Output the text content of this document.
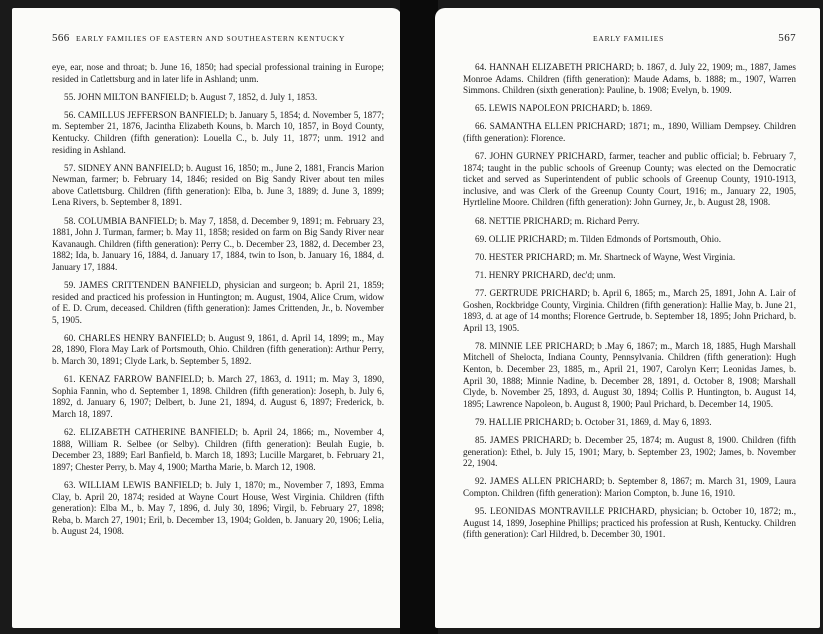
566 EARLY FAMILIES OF EASTERN AND SOUTHEASTERN KENTUCKY

eye, ear, nose and throat; b. June 16, 1850; had special professional training in Europe; resided in Catlettsburg and in later life in Ashland; unm.

55. JOHN MILTON BANFIELD; b. August 7, 1852, d. July 1, 1853.

56. CAMILLUS JEFFERSON BANFIELD; b. January 5, 1854; d. November 5, 1877; m. September 21, 1876, Jacintha Elizabeth Kouns, b. March 10, 1857, in Boyd County, Kentucky. Children (fifth generation): Louella C., b. July 11, 1877; unm. 1912 and residing in Ashland.

57. SIDNEY ANN BANFIELD; b. August 16, 1850; m., June 2, 1881, Francis Marion Newman, farmer; b. February 14, 1846; resided on Big Sandy River about ten miles above Catlettsburg. Children (fifth generation): Elba, b. June 3, 1889; d. June 3, 1899; Lena Rivers, b. September 8, 1891.

58. COLUMBIA BANFIELD; b. May 7, 1858, d. December 9, 1891; m. February 23, 1881, John J. Turman, farmer; b. May 11, 1858; resided on farm on Big Sandy River near Kavanaugh. Children (fifth generation): Perry C., b. December 23, 1882, d. December 23, 1882; Ida, b. January 16, 1884, d. January 17, 1884, twin to Ison, b. January 16, 1884, d. January 17, 1884.

59. JAMES CRITTENDEN BANFIELD, physician and surgeon; b. April 21, 1859; resided and practiced his profession in Huntington; m. August, 1904, Alice Crum, widow of E. D. Crum, deceased. Children (fifth generation): James Crittenden, Jr., b. November 5, 1905.

60. CHARLES HENRY BANFIELD; b. August 9, 1861, d. April 14, 1899; m., May 28, 1890, Flora May Lark of Portsmouth, Ohio. Children (fifth generation): Arthur Perry, b. March 30, 1891; Clyde Lark, b. September 5, 1892.

61. KENAZ FARROW BANFIELD; b. March 27, 1863, d. 1911; m. May 3, 1890, Sophia Fannin, who d. September 1, 1898. Children (fifth generation): Joseph, b. July 6, 1892, d. January 6, 1907; Delbert, b. June 21, 1894, d. August 6, 1897; Frederick, b. March 18, 1897.

62. ELIZABETH CATHERINE BANFIELD; b. April 24, 1866; m., November 4, 1888, William R. Selbee (or Selby). Children (fifth generation): Beulah Eugie, b. December 23, 1889; Earl Banfield, b. March 18, 1893; Lucille Margaret, b. February 21, 1897; Chester Perry, b. May 4, 1900; Martha Marie, b. March 12, 1908.

63. WILLIAM LEWIS BANFIELD; b. July 1, 1870; m., November 7, 1893, Emma Clay, b. April 20, 1874; resided at Wayne Court House, West Virginia. Children (fifth generation): Elba M., b. May 7, 1896, d. July 30, 1896; Virgil, b. February 27, 1898; Reba, b. March 27, 1901; Eril, b. December 13, 1904; Golden, b. January 20, 1906; Lelia, b. August 24, 1908.

EARLY FAMILIES	567

64. HANNAH ELIZABETH PRICHARD; b. 1867, d. July 22, 1909; m., 1887, James Monroe Adams. Children (fifth generation): Maude Adams, b. 1888; m., 1907, Warren Simmons. Children (sixth generation): Pauline, b. 1908; Evelyn, b. 1909.

65. LEWIS NAPOLEON PRICHARD; b. 1869.

66. SAMANTHA ELLEN PRICHARD; 1871; m., 1890, William Dempsey. Children (fifth generation): Florence.

67. JOHN GURNEY PRICHARD, farmer, teacher and public official; b. February 7, 1874; taught in the public schools of Greenup County; was elected on the Democratic ticket and served as Superintendent of public schools of Greenup County, 1910-1913, inclusive, and was Clerk of the Greenup County Court, 1916; m., January 22, 1905, Hyrtleline Moore. Children (fifth generation): John Gurney, Jr., b. August 28, 1908.

68. NETTIE PRICHARD; m. Richard Perry.

69. OLLIE PRICHARD; m. Tilden Edmonds of Portsmouth, Ohio.

70. HESTER PRICHARD; m. Mr. Shartneck of Wayne, West Virginia.

71. HENRY PRICHARD, dec'd; unm.

77. GERTRUDE PRICHARD; b. April 6, 1865; m., March 25, 1891, John A. Lair of Goshen, Rockbridge County, Virginia. Children (fifth generation): Hallie May, b. June 21, 1893, d. at age of 14 months; Florence Gertrude, b. September 18, 1895; John Prichard, b. April 13, 1905.

78. MINNIE LEE PRICHARD; b .May 6, 1867; m., March 18, 1885, Hugh Marshall Mitchell of Shelocta, Indiana County, Pennsylvania. Children (fifth generation): Hugh Kenton, b. December 23, 1885, m., April 21, 1907, Carolyn Kerr; Leonidas James, b. April 30, 1888; Minnie Nadine, b. December 28, 1891, d. October 8, 1908; Marshall Clyde, b. November 25, 1893, d. August 30, 1894; Collis P. Huntington, b. August 14, 1895; Lawrence Napoleon, b. August 8, 1900; Paul Prichard, b. December 14, 1905.

79. HALLIE PRICHARD; b. October 31, 1869, d. May 6, 1893.

85. JAMES PRICHARD; b. December 25, 1874; m. August 8, 1900. Children (fifth generation): Ethel, b. July 15, 1901; Mary, b. September 23, 1902; James, b. November 22, 1904.

92. JAMES ALLEN PRICHARD; b. September 8, 1867; m. March 31, 1909, Laura Compton. Children (fifth generation): Marion Compton, b. June 16, 1910.

95. LEONIDAS MONTRAVILLE PRICHARD, physician; b. October 10, 1872; m., August 14, 1899, Josephine Phillips; practiced his profession at Rush, Kentucky. Children (fifth generation): Carl Hildred, b. December 30, 1901.
